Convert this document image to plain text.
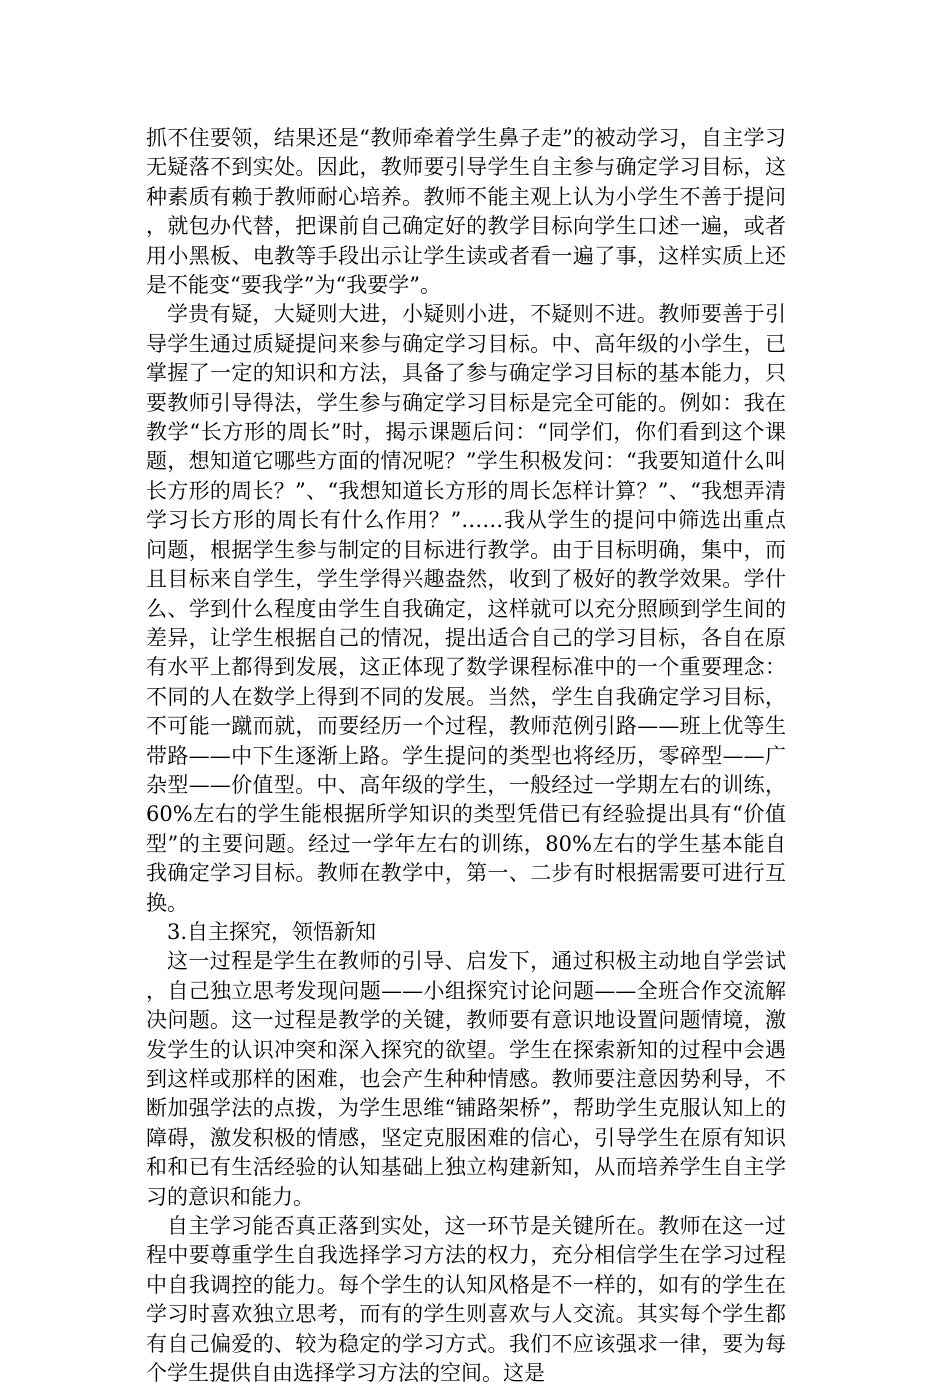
抓不住要领，结果还是“教师牵着学生鼻子走”的被动学习，自主学习无疑落不到实处。因此，教师要引导学生自主参与确定学习目标，这种素质有赖于教师耐心培养。教师不能主观上认为小学生不善于提问，就包办代替，把课前自己确定好的教学目标向学生口述一遍，或者用小黑板、电教等手段出示让学生读或者看一遍了事，这样实质上还是不能变“要我学”为“我要学”。

学贵有疑，大疑则大进，小疑则小进，不疑则不进。教师要善于引导学生通过质疑提问来参与确定学习目标。中、高年级的小学生，已掌握了一定的知识和方法，具备了参与确定学习目标的基本能力，只要教师引导得法，学生参与确定学习目标是完全可能的。例如：我在教学“长方形的周长”时，揭示课题后问：“同学们，你们看到这个课题，想知道它哪些方面的情况呢？”学生积极发问：“我要知道什么叫长方形的周长？”、“我想知道长方形的周长怎样计算？”、“我想弄清学习长方形的周长有什么作用？”……我从学生的提问中筛选出重点问题，根据学生参与制定的目标进行教学。由于目标明确，集中，而且目标来自学生，学生学得兴趣盎然，收到了极好的教学效果。学什么、学到什么程度由学生自我确定，这样就可以充分照顾到学生间的差异，让学生根据自己的情况，提出适合自己的学习目标，各自在原有水平上都得到发展，这正体现了数学课程标准中的一个重要理念：不同的人在数学上得到不同的发展。当然，学生自我确定学习目标，不可能一蹴而就，而要经历一个过程，教师范例引路——班上优等生带路——中下生逐渐上路。学生提问的类型也将经历，零碎型——广杂型——价值型。中、高年级的学生，一般经过一学期左右的训练，60%左右的学生能根据所学知识的类型凭借已有经验提出具有“价值型”的主要问题。经过一学年左右的训练，80%左右的学生基本能自我确定学习目标。教师在教学中，第一、二步有时根据需要可进行互换。

3.自主探究，领悟新知

这一过程是学生在教师的引导、启发下，通过积极主动地自学尝试，自己独立思考发现问题——小组探究讨论问题——全班合作交流解决问题。这一过程是教学的关键，教师要有意识地设置问题情境，激发学生的认识冲突和深入探究的欲望。学生在探索新知的过程中会遇到这样或那样的困难，也会产生种种情感。教师要注意因势利导，不断加强学法的点拨，为学生思维“铺路架桥”，帮助学生克服认知上的障碍，激发积极的情感，坚定克服困难的信心，引导学生在原有知识和和已有生活经验的认知基础上独立构建新知，从而培养学生自主学习的意识和能力。

自主学习能否真正落到实处，这一环节是关键所在。教师在这一过程中要尊重学生自我选择学习方法的权力，充分相信学生在学习过程中自我调控的能力。每个学生的认知风格是不一样的，如有的学生在学习时喜欢独立思考，而有的学生则喜欢与人交流。其实每个学生都有自己偏爱的、较为稳定的学习方式。我们不应该强求一律，要为每个学生提供自由选择学习方法的空间。这是
